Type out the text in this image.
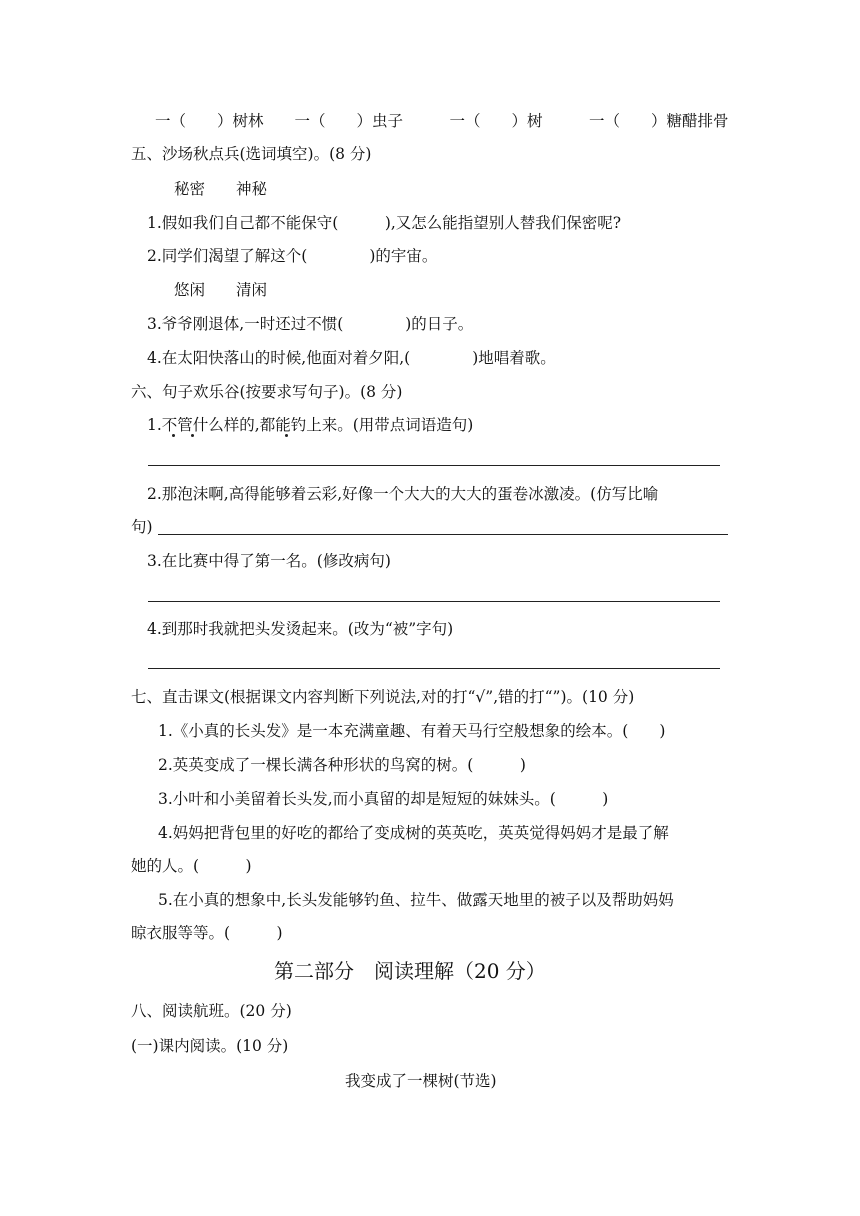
一（　　）树林　　一（　　）虫子　　　一（　　）树　　　一（　　）糖醋排骨
五、沙场秋点兵(选词填空)。(8 分)
秘密　　神秘
1.假如我们自己都不能保守(　　　),又怎么能指望别人替我们保密呢?
2.同学们渴望了解这个(　　　　)的宇宙。
悠闲　　清闲
3.爷爷刚退体,一时还过不惯(　　　　)的日子。
4.在太阳快落山的时候,他面对着夕阳,(　　　　)地唱着歌。
六、句子欢乐谷(按要求写句子)。(8 分)
1.不管什么样的,都能钓上来。(用带点词语造句)
2.那泡沫啊,高得能够着云彩,好像一个大大的大大的蛋卷冰激凌。(仿写比喻
句)
3.在比赛中得了第一名。(修改病句)
4.到那时我就把头发烫起来。(改为“被”字句)
七、直击课文(根据课文内容判断下列说法,对的打“√”,错的打“”)。(10 分)
1.《小真的长头发》是一本充满童趣、有着天马行空般想象的绘本。(　　)
2.英英变成了一棵长满各种形状的鸟窝的树。(　　　)
3.小叶和小美留着长头发,而小真留的却是短短的妹妹头。(　　　)
4.妈妈把背包里的好吃的都给了变成树的英英吃，英英觉得妈妈才是最了解
她的人。(　　　)
5.在小真的想象中,长头发能够钓鱼、拉牛、做露天地里的被子以及帮助妈妈
晾衣服等等。(　　　)
第二部分　阅读理解（20 分）
八、阅读航班。(20 分)
(一)课内阅读。(10 分)
我变成了一棵树(节选)
